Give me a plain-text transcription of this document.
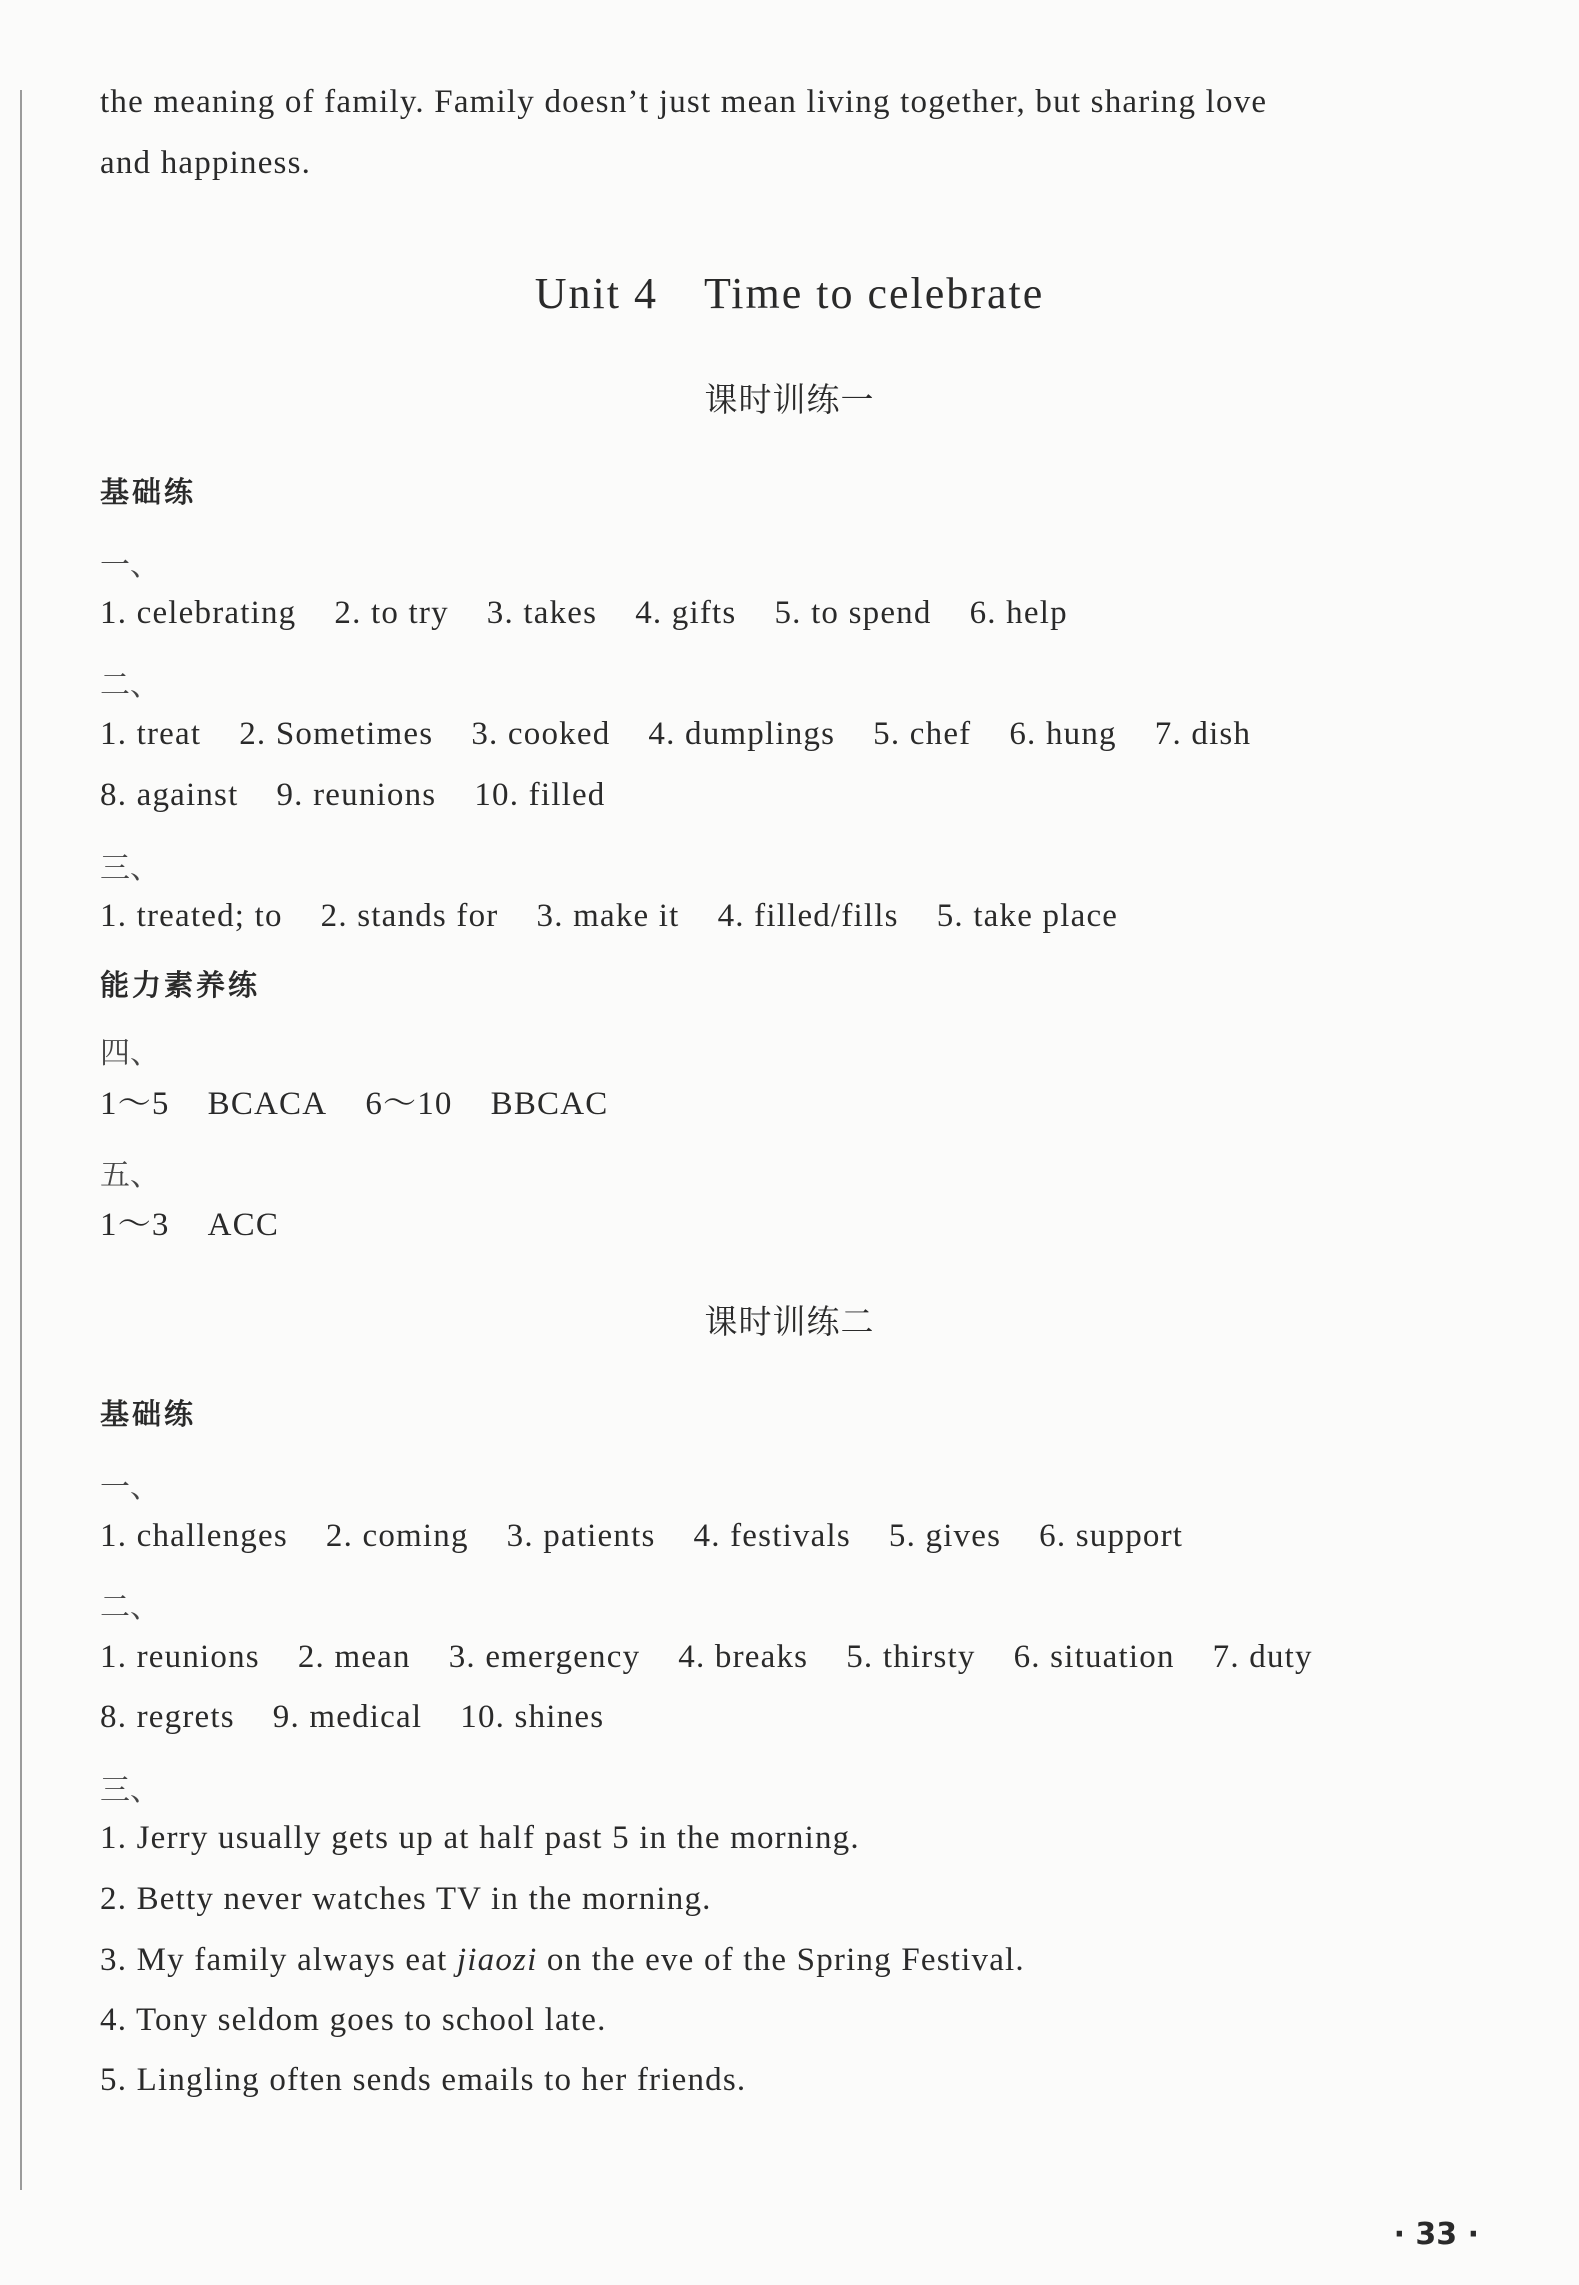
the meaning of family. Family doesn’t just mean living together, but sharing love
and happiness.
Unit 4 Time to celebrate
课时训练一
基础练
一、
1. celebrating 2. to try 3. takes 4. gifts 5. to spend 6. help
二、
1. treat 2. Sometimes 3. cooked 4. dumplings 5. chef 6. hung 7. dish
8. against 9. reunions 10. filled
三、
1. treated; to 2. stands for 3. make it 4. filled/fills 5. take place
能力素养练
四、
1～5 BCACA 6～10 BBCAC
五、
1～3 ACC
课时训练二
基础练
一、
1. challenges 2. coming 3. patients 4. festivals 5. gives 6. support
二、
1. reunions 2. mean 3. emergency 4. breaks 5. thirsty 6. situation 7. duty
8. regrets 9. medical 10. shines
三、
1. Jerry usually gets up at half past 5 in the morning.
2. Betty never watches TV in the morning.
3. My family always eat jiaozi on the eve of the Spring Festival.
4. Tony seldom goes to school late.
5. Lingling often sends emails to her friends.
· 33 ·
